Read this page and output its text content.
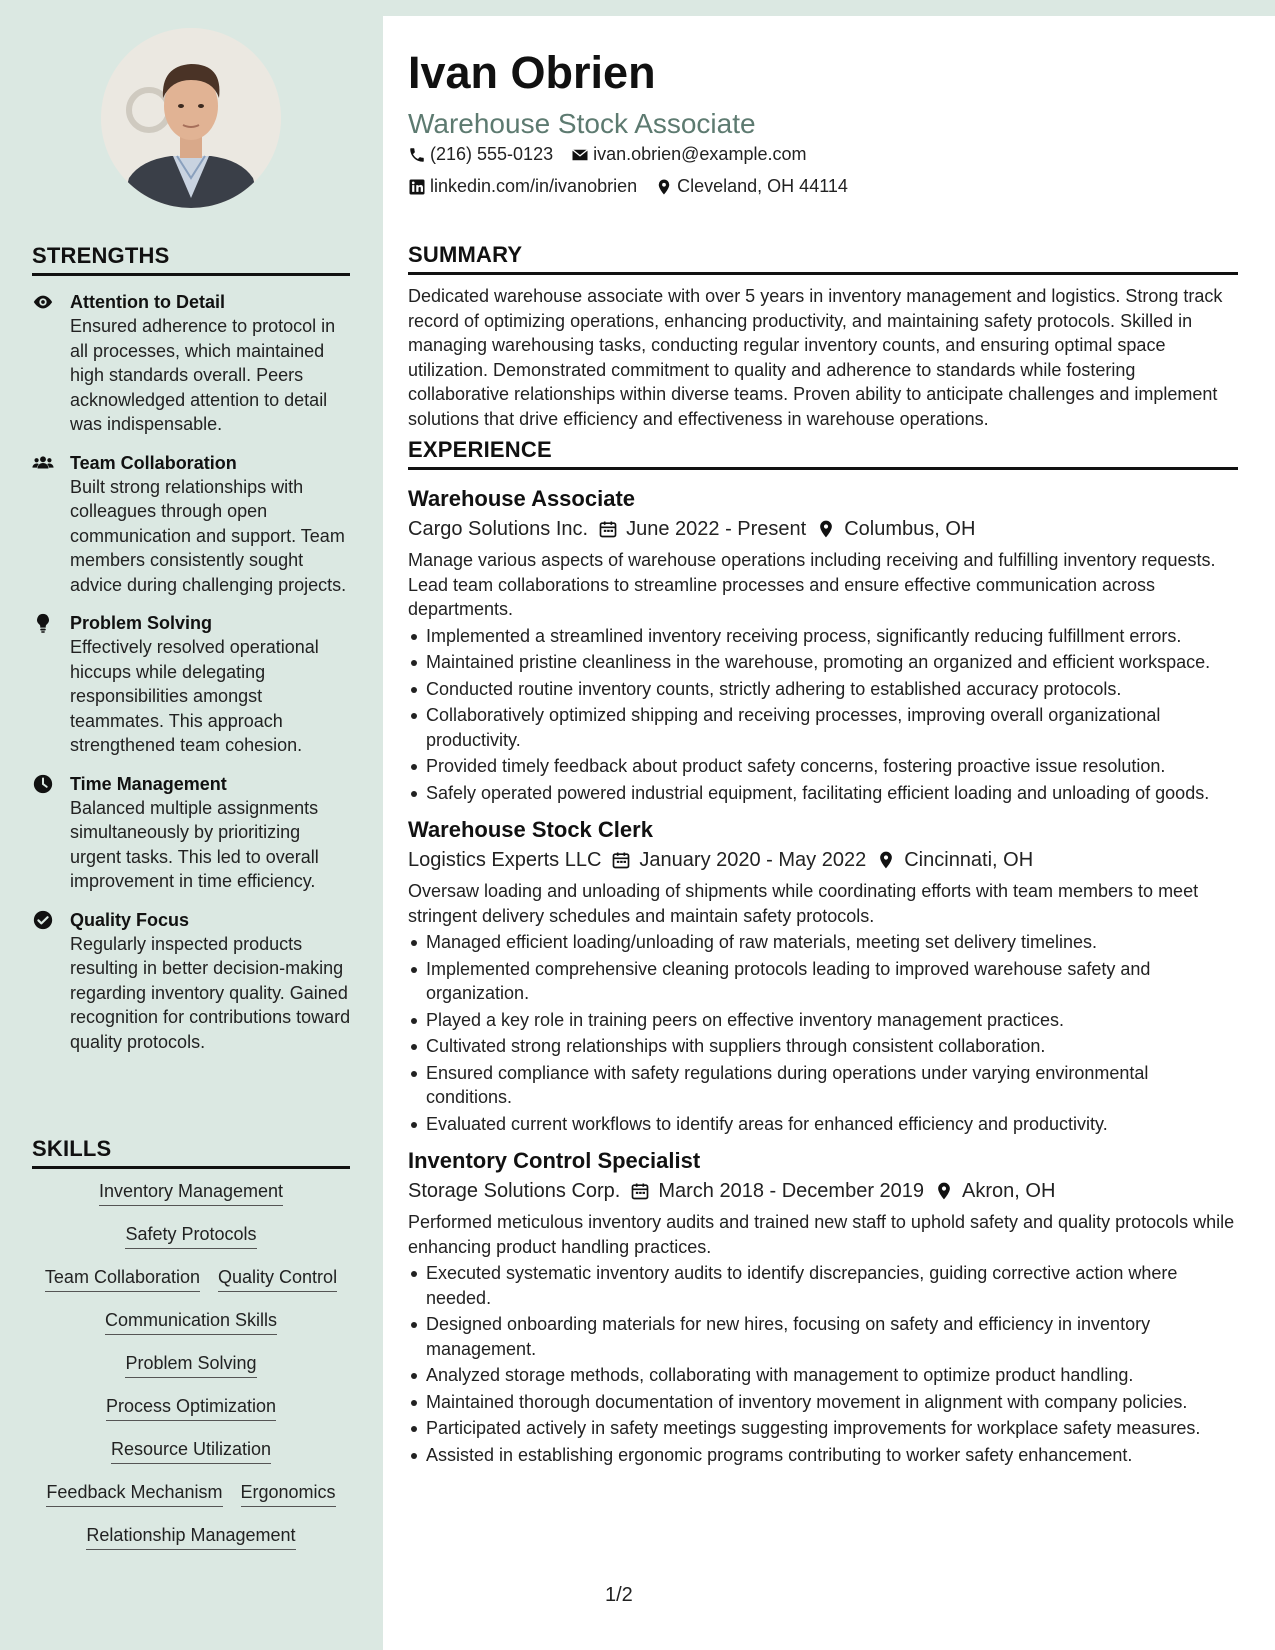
STRENGTHS
Attention to Detail
Ensured adherence to protocol in all processes, which maintained high standards overall. Peers acknowledged attention to detail was indispensable.
Team Collaboration
Built strong relationships with colleagues through open communication and support. Team members consistently sought advice during challenging projects.
Problem Solving
Effectively resolved operational hiccups while delegating responsibilities amongst teammates. This approach strengthened team cohesion.
Time Management
Balanced multiple assignments simultaneously by prioritizing urgent tasks. This led to overall improvement in time efficiency.
Quality Focus
Regularly inspected products resulting in better decision-making regarding inventory quality. Gained recognition for contributions toward quality protocols.
SKILLS
Inventory Management
Safety Protocols
Team Collaboration Quality Control
Communication Skills
Problem Solving
Process Optimization
Resource Utilization
Feedback Mechanism Ergonomics
Relationship Management
Ivan Obrien
Warehouse Stock Associate
(216) 555-0123 ivan.obrien@example.com
linkedin.com/in/ivanobrien Cleveland, OH 44114
SUMMARY
Dedicated warehouse associate with over 5 years in inventory management and logistics. Strong track record of optimizing operations, enhancing productivity, and maintaining safety protocols. Skilled in managing warehousing tasks, conducting regular inventory counts, and ensuring optimal space utilization. Demonstrated commitment to quality and adherence to standards while fostering collaborative relationships within diverse teams. Proven ability to anticipate challenges and implement solutions that drive efficiency and effectiveness in warehouse operations.
EXPERIENCE
Warehouse Associate
Cargo Solutions Inc. June 2022 - Present Columbus, OH
Manage various aspects of warehouse operations including receiving and fulfilling inventory requests. Lead team collaborations to streamline processes and ensure effective communication across departments.
Implemented a streamlined inventory receiving process, significantly reducing fulfillment errors.
Maintained pristine cleanliness in the warehouse, promoting an organized and efficient workspace.
Conducted routine inventory counts, strictly adhering to established accuracy protocols.
Collaboratively optimized shipping and receiving processes, improving overall organizational productivity.
Provided timely feedback about product safety concerns, fostering proactive issue resolution.
Safely operated powered industrial equipment, facilitating efficient loading and unloading of goods.
Warehouse Stock Clerk
Logistics Experts LLC January 2020 - May 2022 Cincinnati, OH
Oversaw loading and unloading of shipments while coordinating efforts with team members to meet stringent delivery schedules and maintain safety protocols.
Managed efficient loading/unloading of raw materials, meeting set delivery timelines.
Implemented comprehensive cleaning protocols leading to improved warehouse safety and organization.
Played a key role in training peers on effective inventory management practices.
Cultivated strong relationships with suppliers through consistent collaboration.
Ensured compliance with safety regulations during operations under varying environmental conditions.
Evaluated current workflows to identify areas for enhanced efficiency and productivity.
Inventory Control Specialist
Storage Solutions Corp. March 2018 - December 2019 Akron, OH
Performed meticulous inventory audits and trained new staff to uphold safety and quality protocols while enhancing product handling practices.
Executed systematic inventory audits to identify discrepancies, guiding corrective action where needed.
Designed onboarding materials for new hires, focusing on safety and efficiency in inventory management.
Analyzed storage methods, collaborating with management to optimize product handling.
Maintained thorough documentation of inventory movement in alignment with company policies.
Participated actively in safety meetings suggesting improvements for workplace safety measures.
Assisted in establishing ergonomic programs contributing to worker safety enhancement.
1/2
